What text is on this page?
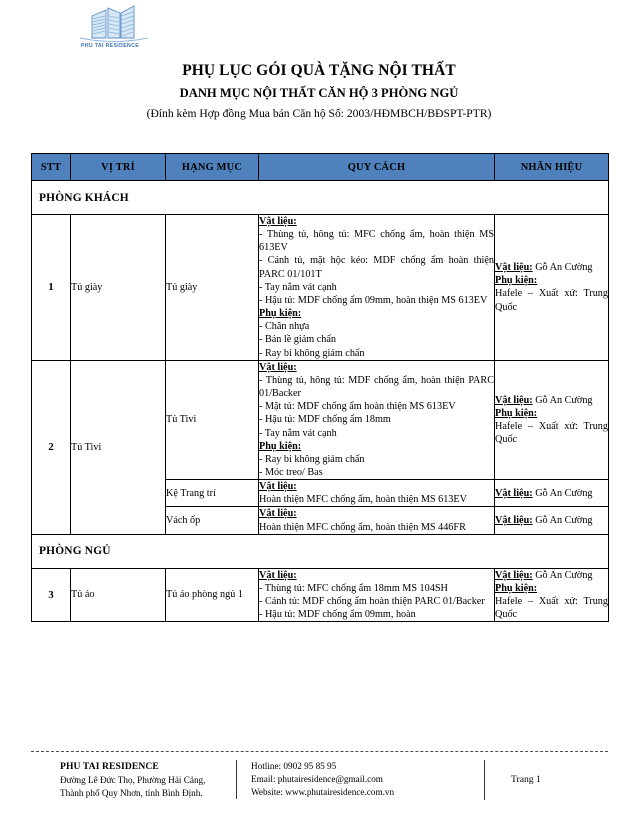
PHU TAI RESIDENCE
PHỤ LỤC GÓI QUÀ TẶNG NỘI THẤT
DANH MỤC NỘI THẤT CĂN HỘ 3 PHÒNG NGỦ
(Đính kèm Hợp đồng Mua bán Căn hộ Số: 2003/HĐMBCH/BĐSPT-PTR)
STT	VỊ TRÍ	HẠNG MỤC	QUY CÁCH	NHÃN HIỆU
PHÒNG KHÁCH				
1	Tủ giày	Tủ giày	Vật liệu:
- Thùng tủ, hông tủ: MFC chống ẩm, hoàn thiện MS 613EV
- Cánh tủ, mặt hộc kéo: MDF chống ẩm hoàn thiện PARC 01/101T
- Tay nắm vát cạnh
- Hậu tủ: MDF chống ẩm 09mm, hoàn thiện MS 613EV
Phụ kiện:
- Chân nhựa
- Bản lề giảm chấn
- Ray bi không giảm chấn
	Vật liệu: Gỗ An Cường
Phụ kiện:
Hafele – Xuất xứ: Trung Quốc
2	Tủ Tivi	Tủ Tivi	Vật liệu:
- Thùng tủ, hông tủ: MDF chống ẩm, hoàn thiện PARC 01/Backer
- Mặt tủ: MDF chống ẩm hoàn thiện MS 613EV
- Hậu tủ: MDF chống ẩm 18mm
- Tay nắm vát cạnh
Phụ kiện:
- Ray bi không giảm chấn
- Móc treo/ Bas
	Vật liệu: Gỗ An Cường
Phụ kiện:
Hafele – Xuất xứ: Trung Quốc
		Kệ Trang trí	Vật liệu:
Hoàn thiện MFC chống ẩm, hoàn thiện MS 613EV	Vật liệu: Gỗ An Cường
		Vách ốp	Vật liệu:
Hoàn thiện MFC chống ẩm, hoàn thiện MS 446FR	Vật liệu: Gỗ An Cường
PHÒNG NGỦ				
3	Tủ áo	Tủ áo phòng ngủ 1	Vật liệu:
- Thùng tủ: MFC chống ẩm 18mm MS 104SH
- Cánh tủ: MDF chống ẩm hoàn thiện PARC 01/Backer
- Hậu tủ: MDF chống ẩm 09mm, hoàn	Vật liệu: Gỗ An Cường
Phụ kiện:
Hafele – Xuất xứ: Trung Quốc
PHU TAI RESIDENCE
Đường Lê Đức Thọ, Phường Hải Cảng,
Thành phố Quy Nhơn, tỉnh Bình Định.
Hotline: 0902 95 85 95
Email: phutairesidence@gmail.com
Website: www.phutairesidence.com.vn
Trang 1
